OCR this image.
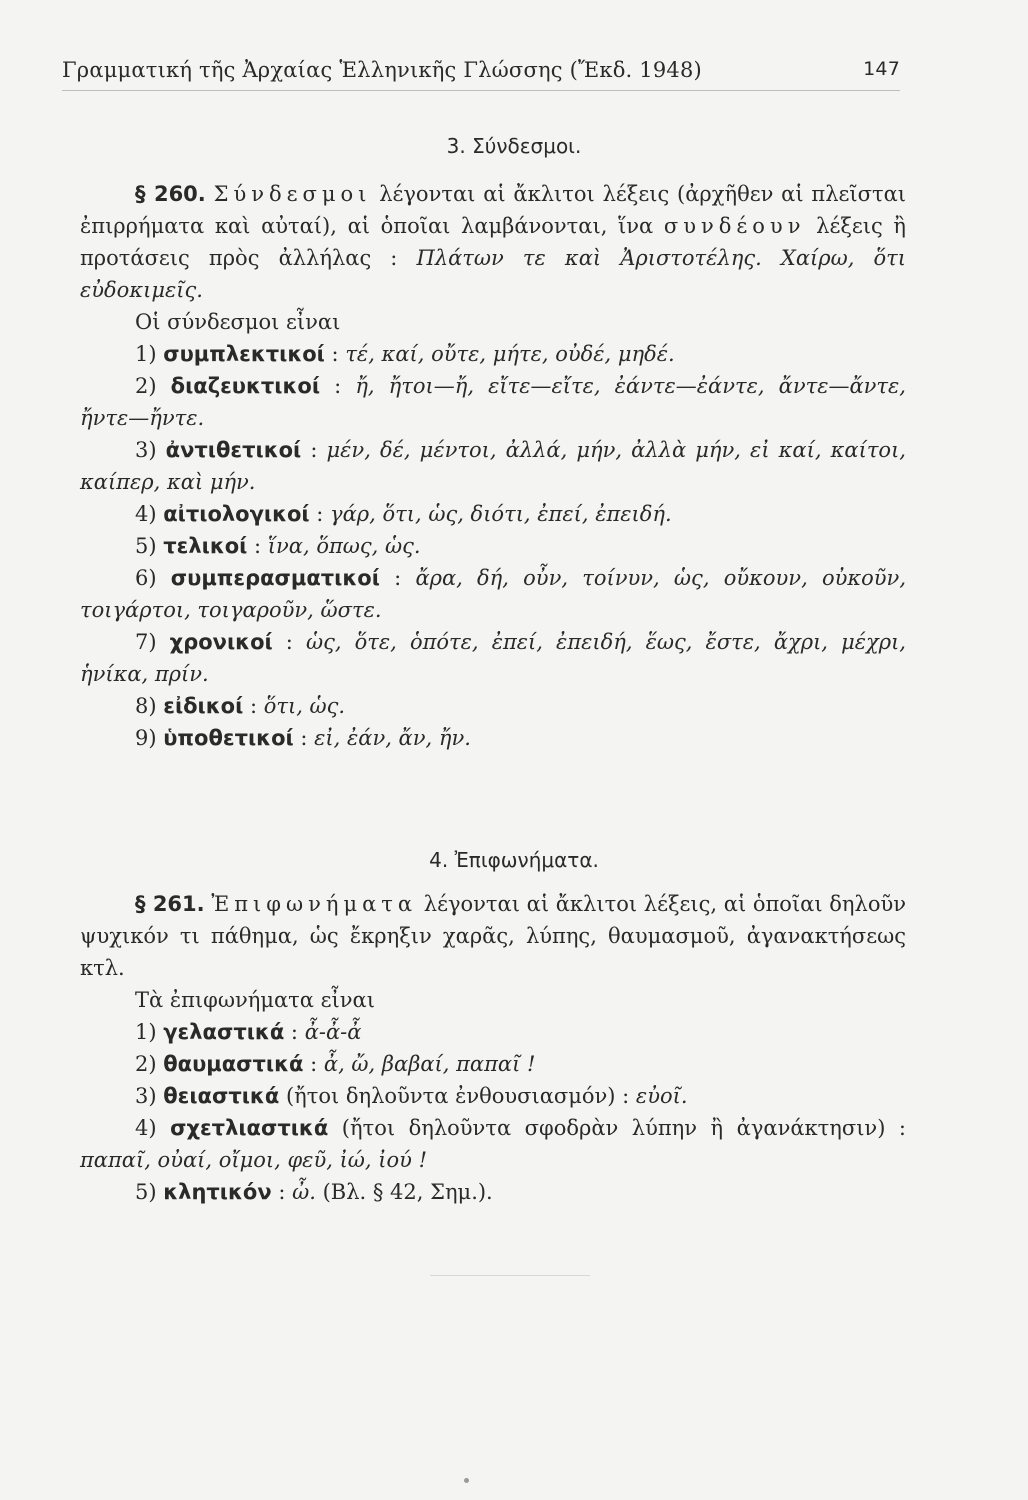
Γραμματική τῆς Ἀρχαίας Ἑλληνικῆς Γλώσσης (Ἔκδ. 1948)	147
3. Σύνδεσμοι.

§ 260. Σύνδεσμοι λέγονται αἱ ἄκλιτοι λέξεις (ἀρχῆθεν αἱ πλεῖσται ἐπιρρήματα καὶ αὐταί), αἱ ὁποῖαι λαμβάνονται, ἵνα συνδέουν λέξεις ἢ προτάσεις πρὸς ἀλλήλας : Πλάτων τε καὶ Ἀριστοτέλης. Χαίρω, ὅτι εὐδοκιμεῖς.

Οἱ σύνδεσμοι εἶναι

1) συμπλεκτικοί : τέ, καί, οὔτε, μήτε, οὐδέ, μηδέ.

2) διαζευκτικοί : ἤ, ἤτοι—ἤ, εἴτε—εἴτε, ἐάντε—ἐάντε, ἄντε—ἄντε, ἤντε—ἤντε.

3) ἀντιθετικοί : μέν, δέ, μέντοι, ἀλλά, μήν, ἀλλὰ μήν, εἰ καί, καίτοι, καίπερ, καὶ μήν.

4) αἰτιολογικοί : γάρ, ὅτι, ὡς, διότι, ἐπεί, ἐπειδή.

5) τελικοί : ἵνα, ὅπως, ὡς.

6) συμπερασματικοί : ἄρα, δή, οὖν, τοίνυν, ὡς, οὔκουν, οὐκοῦν, τοιγάρτοι, τοιγαροῦν, ὥστε.

7) χρονικοί : ὡς, ὅτε, ὁπότε, ἐπεί, ἐπειδή, ἕως, ἔστε, ἄχρι, μέχρι, ἡνίκα, πρίν.

8) εἰδικοί : ὅτι, ὡς.

9) ὑποθετικοί : εἰ, ἐάν, ἄν, ἤν.

4. Ἐπιφωνήματα.

§ 261. Ἐπιφωνήματα λέγονται αἱ ἄκλιτοι λέξεις, αἱ ὁποῖαι δηλοῦν ψυχικόν τι πάθημα, ὡς ἔκρηξιν χαρᾶς, λύπης, θαυμασμοῦ, ἀγανακτήσεως κτλ.

Τὰ ἐπιφωνήματα εἶναι

1) γελαστικά : ἆ-ἆ-ἆ

2) θαυμαστικά : ἆ, ὤ, βαβαί, παπαῖ !

3) θειαστικά (ἤτοι δηλοῦντα ἐνθουσιασμόν) : εὐοῖ.

4) σχετλιαστικά (ἤτοι δηλοῦντα σφοδρὰν λύπην ἢ ἀγανάκτησιν) : παπαῖ, οὐαί, οἴμοι, φεῦ, ἰώ, ἰού !

5) κλητικόν : ὦ. (Βλ. § 42, Σημ.).
